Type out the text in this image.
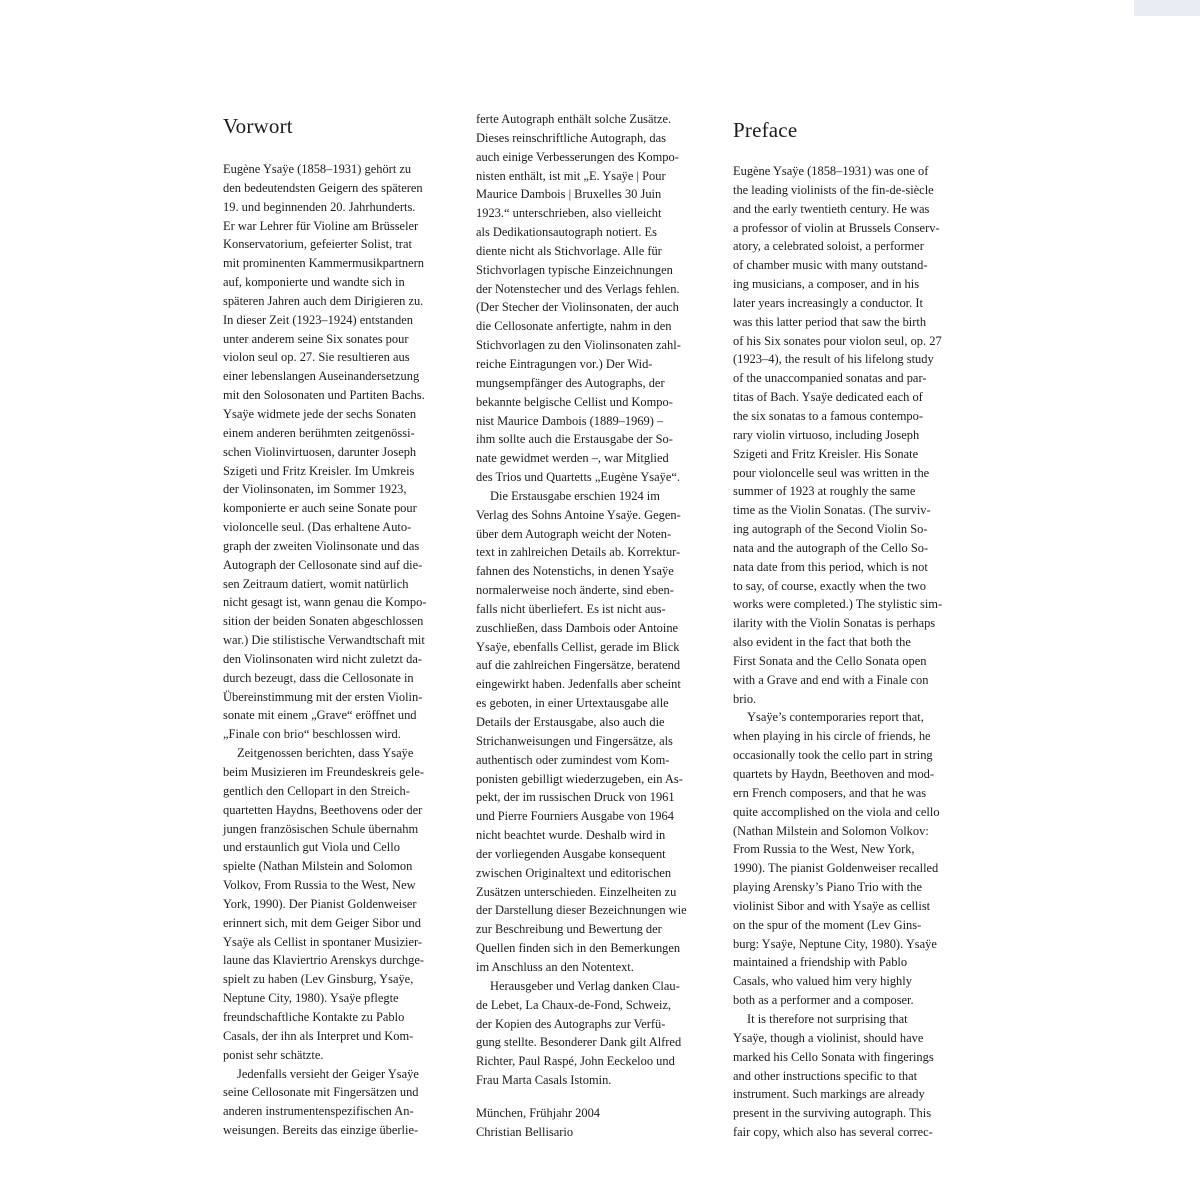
Vorwort
Eugène Ysaÿe (1858–1931) gehört zu
den bedeutendsten Geigern des späteren
19. und beginnenden 20. Jahrhunderts.
Er war Lehrer für Violine am Brüsseler
Konservatorium, gefeierter Solist, trat
mit prominenten Kammermusikpartnern
auf, komponierte und wandte sich in
späteren Jahren auch dem Dirigieren zu.
In dieser Zeit (1923–1924) entstanden
unter anderem seine Six sonates pour
violon seul op. 27. Sie resultieren aus
einer lebenslangen Auseinandersetzung
mit den Solosonaten und Partiten Bachs.
Ysaÿe widmete jede der sechs Sonaten
einem anderen berühmten zeitgenössi-
schen Violinvirtuosen, darunter Joseph
Szigeti und Fritz Kreisler. Im Umkreis
der Violinsonaten, im Sommer 1923,
komponierte er auch seine Sonate pour
violoncelle seul. (Das erhaltene Auto-
graph der zweiten Violinsonate und das
Autograph der Cellosonate sind auf die-
sen Zeitraum datiert, womit natürlich
nicht gesagt ist, wann genau die Kompo-
sition der beiden Sonaten abgeschlossen
war.) Die stilistische Verwandtschaft mit
den Violinsonaten wird nicht zuletzt da-
durch bezeugt, dass die Cellosonate in
Übereinstimmung mit der ersten Violin-
sonate mit einem „Grave“ eröffnet und
„Finale con brio“ beschlossen wird.
Zeitgenossen berichten, dass Ysaÿe
beim Musizieren im Freundeskreis gele-
gentlich den Cellopart in den Streich-
quartetten Haydns, Beethovens oder der
jungen französischen Schule übernahm
und erstaunlich gut Viola und Cello
spielte (Nathan Milstein and Solomon
Volkov, From Russia to the West, New
York, 1990). Der Pianist Goldenweiser
erinnert sich, mit dem Geiger Sibor und
Ysaÿe als Cellist in spontaner Musizier-
laune das Klaviertrio Arenskys durchge-
spielt zu haben (Lev Ginsburg, Ysaÿe,
Neptune City, 1980). Ysaÿe pflegte
freundschaftliche Kontakte zu Pablo
Casals, der ihn als Interpret und Kom-
ponist sehr schätzte.
Jedenfalls versieht der Geiger Ysaÿe
seine Cellosonate mit Fingersätzen und
anderen instrumentenspezifischen An-
weisungen. Bereits das einzige überlie-
ferte Autograph enthält solche Zusätze.
Dieses reinschriftliche Autograph, das
auch einige Verbesserungen des Kompo-
nisten enthält, ist mit „E. Ysaÿe | Pour
Maurice Dambois | Bruxelles 30 Juin
1923.“ unterschrieben, also vielleicht
als Dedikationsautograph notiert. Es
diente nicht als Stichvorlage. Alle für
Stichvorlagen typische Einzeichnungen
der Notenstecher und des Verlags fehlen.
(Der Stecher der Violinsonaten, der auch
die Cellosonate anfertigte, nahm in den
Stichvorlagen zu den Violinsonaten zahl-
reiche Eintragungen vor.) Der Wid-
mungsempfänger des Autographs, der
bekannte belgische Cellist und Kompo-
nist Maurice Dambois (1889–1969) –
ihm sollte auch die Erstausgabe der So-
nate gewidmet werden –, war Mitglied
des Trios und Quartetts „Eugène Ysaÿe“.
Die Erstausgabe erschien 1924 im
Verlag des Sohns Antoine Ysaÿe. Gegen-
über dem Autograph weicht der Noten-
text in zahlreichen Details ab. Korrektur-
fahnen des Notenstichs, in denen Ysaÿe
normalerweise noch änderte, sind eben-
falls nicht überliefert. Es ist nicht aus-
zuschließen, dass Dambois oder Antoine
Ysaÿe, ebenfalls Cellist, gerade im Blick
auf die zahlreichen Fingersätze, beratend
eingewirkt haben. Jedenfalls aber scheint
es geboten, in einer Urtextausgabe alle
Details der Erstausgabe, also auch die
Strichanweisungen und Fingersätze, als
authentisch oder zumindest vom Kom-
ponisten gebilligt wiederzugeben, ein As-
pekt, der im russischen Druck von 1961
und Pierre Fourniers Ausgabe von 1964
nicht beachtet wurde. Deshalb wird in
der vorliegenden Ausgabe konsequent
zwischen Originaltext und editorischen
Zusätzen unterschieden. Einzelheiten zu
der Darstellung dieser Bezeichnungen wie
zur Beschreibung und Bewertung der
Quellen finden sich in den Bemerkungen
im Anschluss an den Notentext.
Herausgeber und Verlag danken Clau-
de Lebet, La Chaux-de-Fond, Schweiz,
der Kopien des Autographs zur Verfü-
gung stellte. Besonderer Dank gilt Alfred
Richter, Paul Raspé, John Eeckeloo und
Frau Marta Casals Istomin.
München, Frühjahr 2004
Christian Bellisario
Preface
Eugène Ysaÿe (1858–1931) was one of
the leading violinists of the fin-de-siècle
and the early twentieth century. He was
a professor of violin at Brussels Conserv-
atory, a celebrated soloist, a performer
of chamber music with many outstand-
ing musicians, a composer, and in his
later years increasingly a conductor. It
was this latter period that saw the birth
of his Six sonates pour violon seul, op. 27
(1923–4), the result of his lifelong study
of the unaccompanied sonatas and par-
titas of Bach. Ysaÿe dedicated each of
the six sonatas to a famous contempo-
rary violin virtuoso, including Joseph
Szigeti and Fritz Kreisler. His Sonate
pour violoncelle seul was written in the
summer of 1923 at roughly the same
time as the Violin Sonatas. (The surviv-
ing autograph of the Second Violin So-
nata and the autograph of the Cello So-
nata date from this period, which is not
to say, of course, exactly when the two
works were completed.) The stylistic sim-
ilarity with the Violin Sonatas is perhaps
also evident in the fact that both the
First Sonata and the Cello Sonata open
with a Grave and end with a Finale con
brio.
Ysaÿe’s contemporaries report that,
when playing in his circle of friends, he
occasionally took the cello part in string
quartets by Haydn, Beethoven and mod-
ern French composers, and that he was
quite accomplished on the viola and cello
(Nathan Milstein and Solomon Volkov:
From Russia to the West, New York,
1990). The pianist Goldenweiser recalled
playing Arensky’s Piano Trio with the
violinist Sibor and with Ysaÿe as cellist
on the spur of the moment (Lev Gins-
burg: Ysaÿe, Neptune City, 1980). Ysaÿe
maintained a friendship with Pablo
Casals, who valued him very highly
both as a performer and a composer.
It is therefore not surprising that
Ysaÿe, though a violinist, should have
marked his Cello Sonata with fingerings
and other instructions specific to that
instrument. Such markings are already
present in the surviving autograph. This
fair copy, which also has several correc-
